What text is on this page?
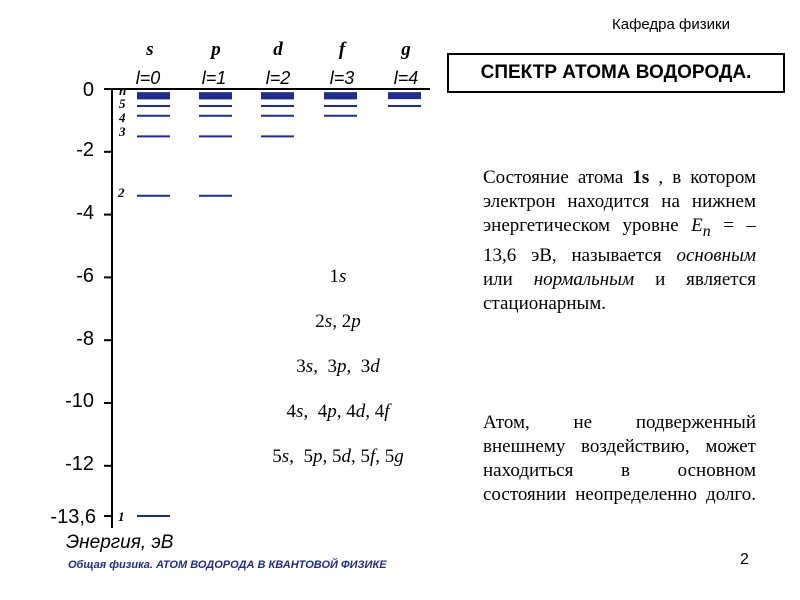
Кафедра физики
СПЕКТР АТОМА ВОДОРОДА.
s	p	d	f	g
l=0	l=1	l=2	l=3	l=4
0
-2
-4
-6
-8
-10
-12
-13,6
n
5
4
3
2
1
Энергия, эВ
1s
2s, 2p
3s,  3p,  3d
4s,  4p, 4d, 4f
5s,  5p, 5d, 5f, 5g
Состояние атома 1s , в котором электрон находится на нижнем энергетическом уровне $E_n = -13,6$ эВ, называется основным или нормальным и является стационарным.
Атом, не подверженный внешнему воздействию, может находиться в основном состоянии неопределенно долго.
Общая физика. АТОМ ВОДОРОДА В КВАНТОВОЙ ФИЗИКЕ	2
